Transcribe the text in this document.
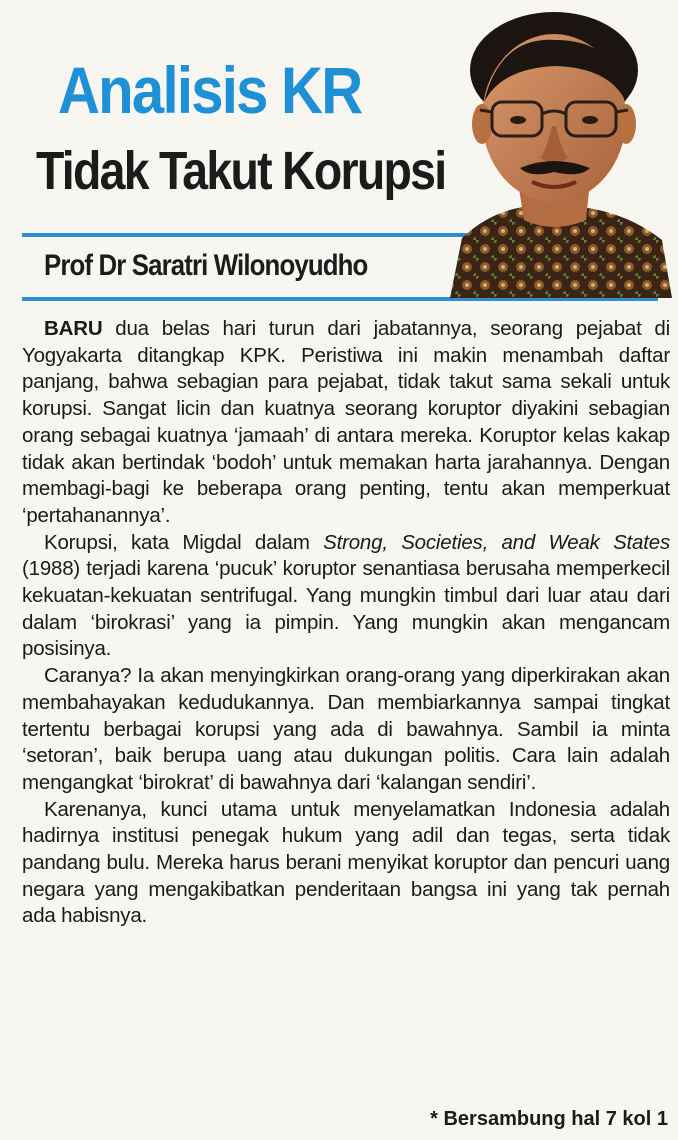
Analisis KR
Tidak Takut Korupsi
Prof Dr Saratri Wilonoyudho

BARU dua belas hari turun dari jabatannya, seorang pejabat di Yogyakarta ditangkap KPK. Peristiwa ini makin menambah daftar panjang, bahwa sebagian para pejabat, tidak takut sama sekali untuk korupsi. Sangat licin dan kuatnya seorang koruptor diyakini sebagian orang sebagai kuatnya ‘jamaah’ di antara mereka. Koruptor kelas kakap tidak akan bertindak ‘bodoh’ untuk memakan harta jarahannya. Dengan membagi-bagi ke beberapa orang penting, tentu akan memperkuat ‘pertahanannya’.

Korupsi, kata Migdal dalam Strong, Societies, and Weak States (1988) terjadi karena ‘pucuk’ koruptor senantiasa berusaha memperkecil kekuatan-kekuatan sentrifugal. Yang mungkin timbul dari luar atau dari dalam ‘birokrasi’ yang ia pimpin. Yang mungkin akan mengancam posisinya.

Caranya? Ia akan menyingkirkan orang-orang yang diperkirakan akan membahayakan kedudukannya. Dan membiarkannya sampai tingkat tertentu berbagai korupsi yang ada di bawahnya. Sambil ia minta ‘setoran’, baik berupa uang atau dukungan politis. Cara lain adalah mengangkat ‘birokrat’ di bawahnya dari ‘kalangan sendiri’.

Karenanya, kunci utama untuk menyelamatkan Indonesia adalah hadirnya institusi penegak hukum yang adil dan tegas, serta tidak pandang bulu. Mereka harus berani menyikat koruptor dan pencuri uang negara yang mengakibatkan penderitaan bangsa ini yang tak pernah ada habisnya.

* Bersambung hal 7 kol 1
